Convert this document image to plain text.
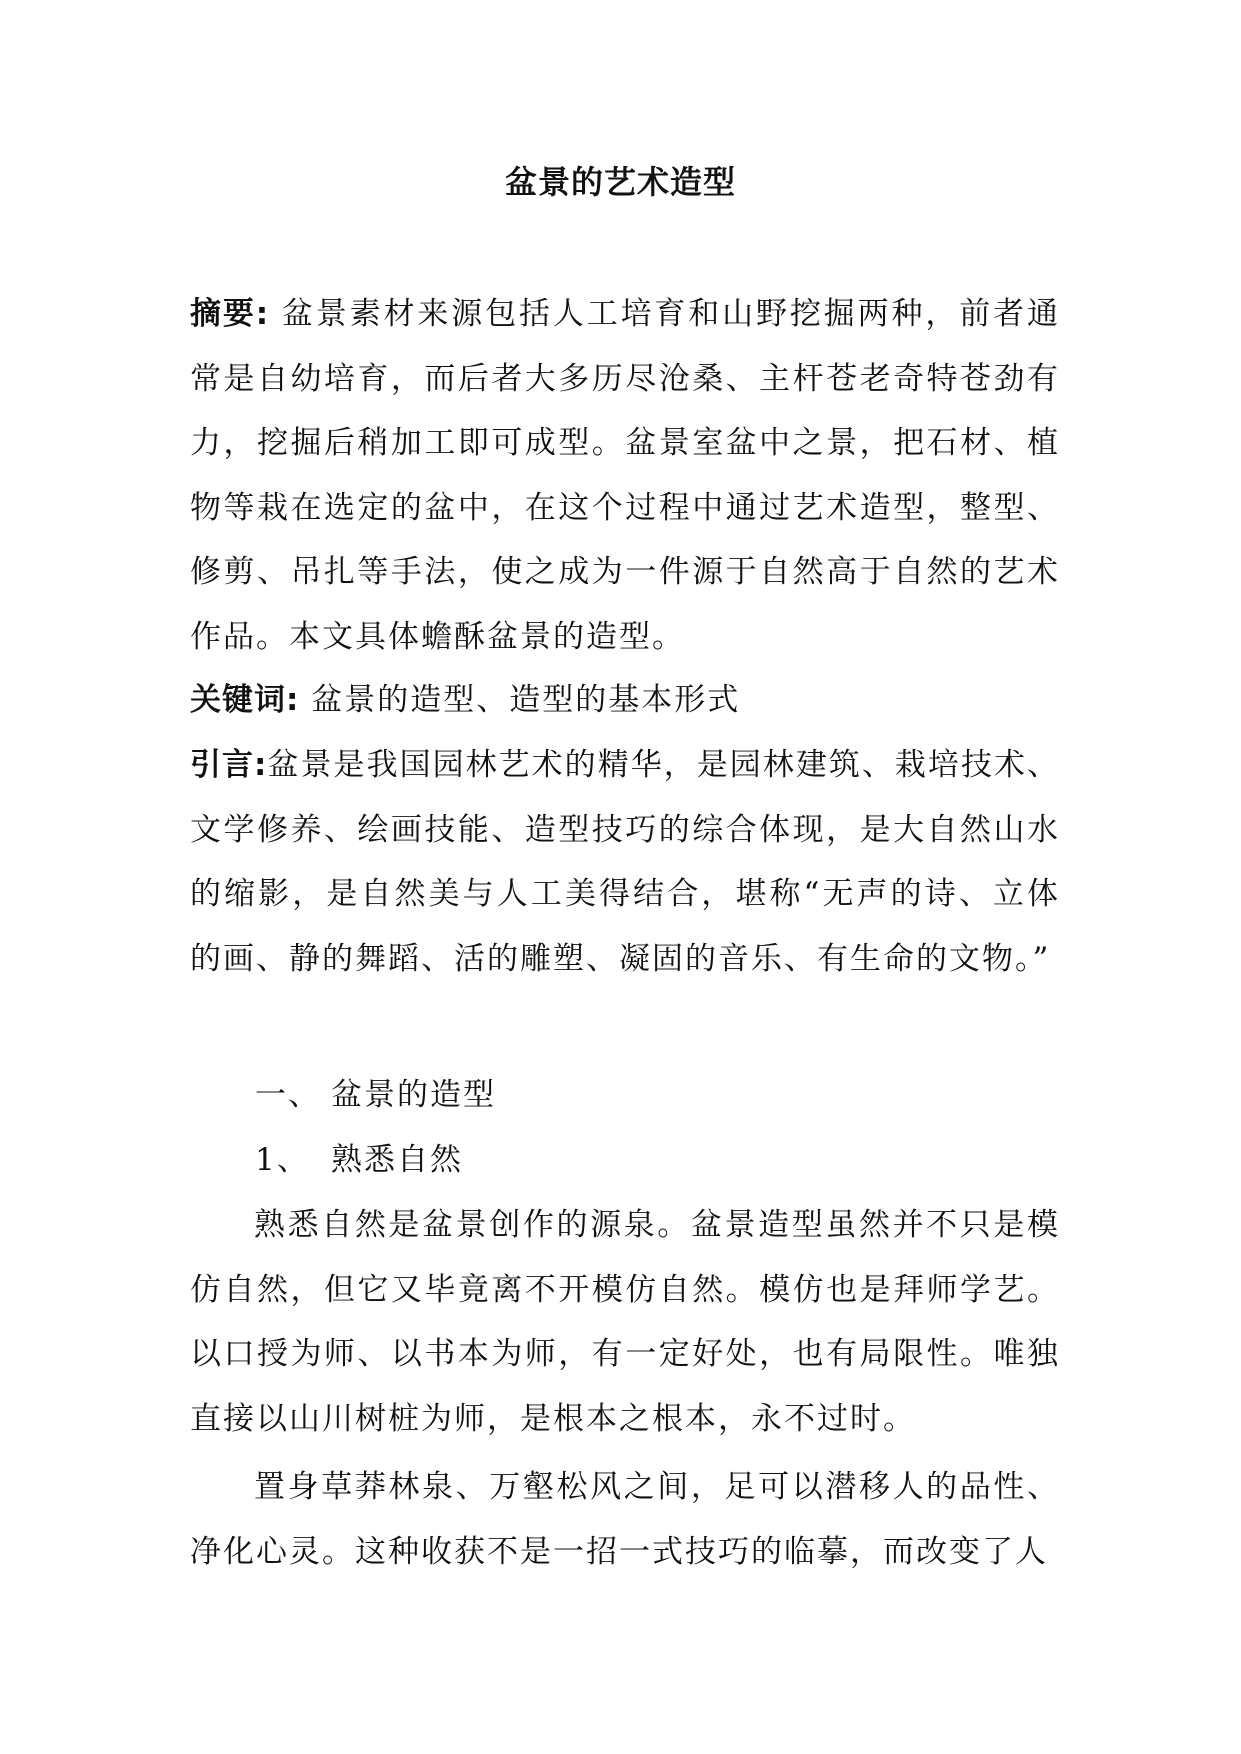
盆景的艺术造型
摘要: 盆景素材来源包括人工培育和山野挖掘两种，前者通常是自幼培育，而后者大多历尽沧桑、主杆苍老奇特苍劲有力，挖掘后稍加工即可成型。盆景室盆中之景，把石材、植物等栽在选定的盆中，在这个过程中通过艺术造型，整型、修剪、吊扎等手法，使之成为一件源于自然高于自然的艺术作品。本文具体蟾酥盆景的造型。
关键词: 盆景的造型、造型的基本形式
引言:盆景是我国园林艺术的精华，是园林建筑、栽培技术、文学修养、绘画技能、造型技巧的综合体现，是大自然山水的缩影，是自然美与人工美得结合，堪称“无声的诗、立体的画、静的舞蹈、活的雕塑、凝固的音乐、有生命的文物。”
一、 盆景的造型
1、 熟悉自然
熟悉自然是盆景创作的源泉。盆景造型虽然并不只是模仿自然，但它又毕竟离不开模仿自然。模仿也是拜师学艺。以口授为师、以书本为师，有一定好处，也有局限性。唯独直接以山川树桩为师，是根本之根本，永不过时。
置身草莽林泉、万壑松风之间，足可以潜移人的品性、净化心灵。这种收获不是一招一式技巧的临摹，而改变了人
